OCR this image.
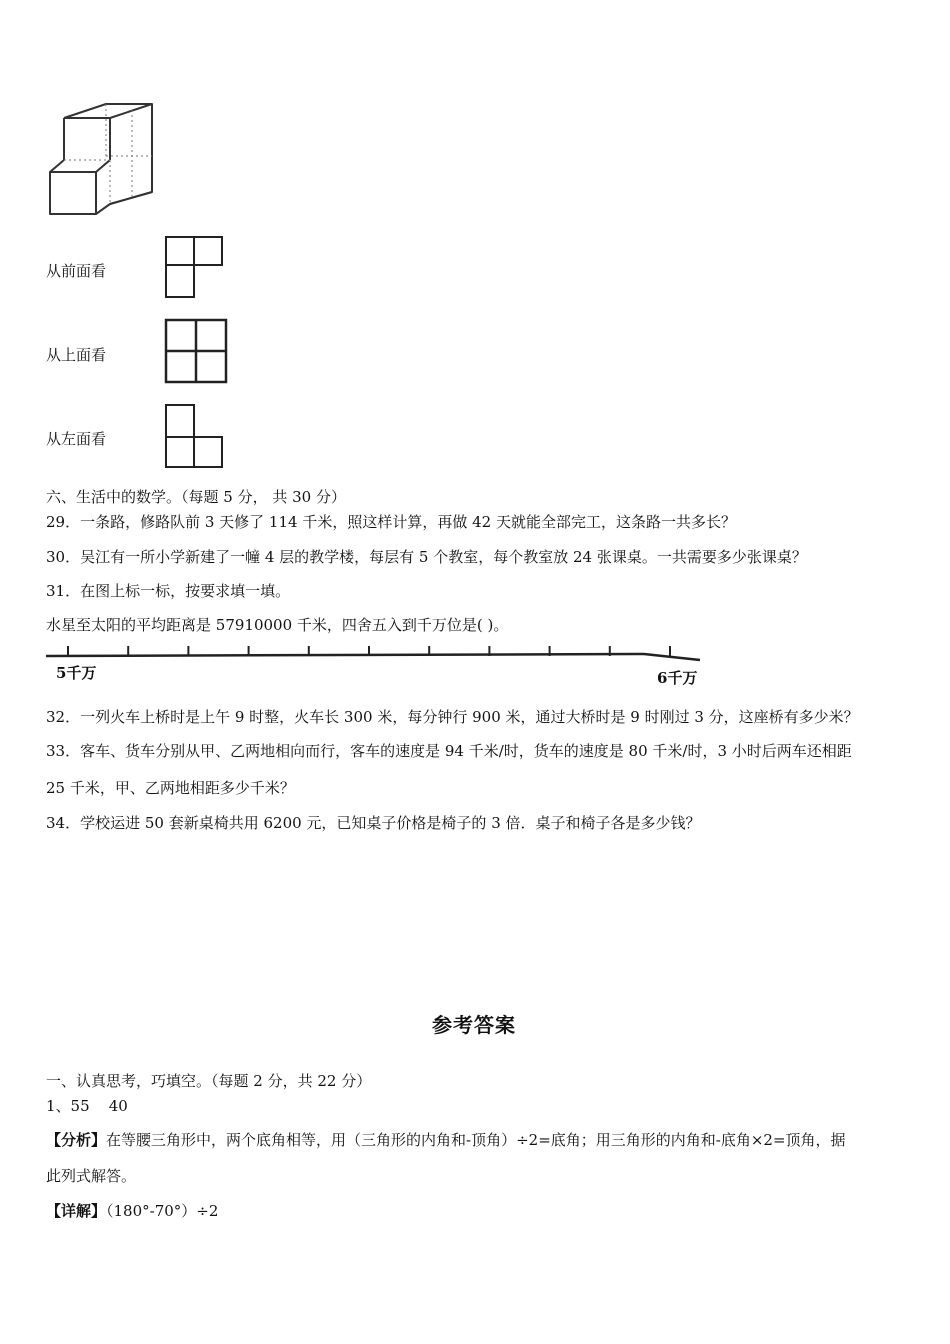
从前面看
从上面看
从左面看
六、生活中的数学。（每题 5 分， 共 30 分）
29．一条路，修路队前 3 天修了 114 千米，照这样计算，再做 42 天就能全部完工，这条路一共多长？
30．吴江有一所小学新建了一幢 4 层的教学楼，每层有 5 个教室，每个教室放 24 张课桌。一共需要多少张课桌？
31．在图上标一标，按要求填一填。
水星至太阳的平均距离是 57910000 千米，四舍五入到千万位是( )。
5千万	6千万
32．一列火车上桥时是上午 9 时整，火车长 300 米，每分钟行 900 米，通过大桥时是 9 时刚过 3 分，这座桥有多少米？
33．客车、货车分别从甲、乙两地相向而行，客车的速度是 94 千米/时，货车的速度是 80 千米/时，3 小时后两车还相距
25 千米，甲、乙两地相距多少千米？
34．学校运进 50 套新桌椅共用 6200 元，已知桌子价格是椅子的 3 倍．桌子和椅子各是多少钱？
参考答案
一、认真思考，巧填空。（每题 2 分，共 22 分）
1、55    40
【分析】在等腰三角形中，两个底角相等，用（三角形的内角和-顶角）÷2=底角；用三角形的内角和-底角×2=顶角，据
此列式解答。
【详解】（180°-70°）÷2
